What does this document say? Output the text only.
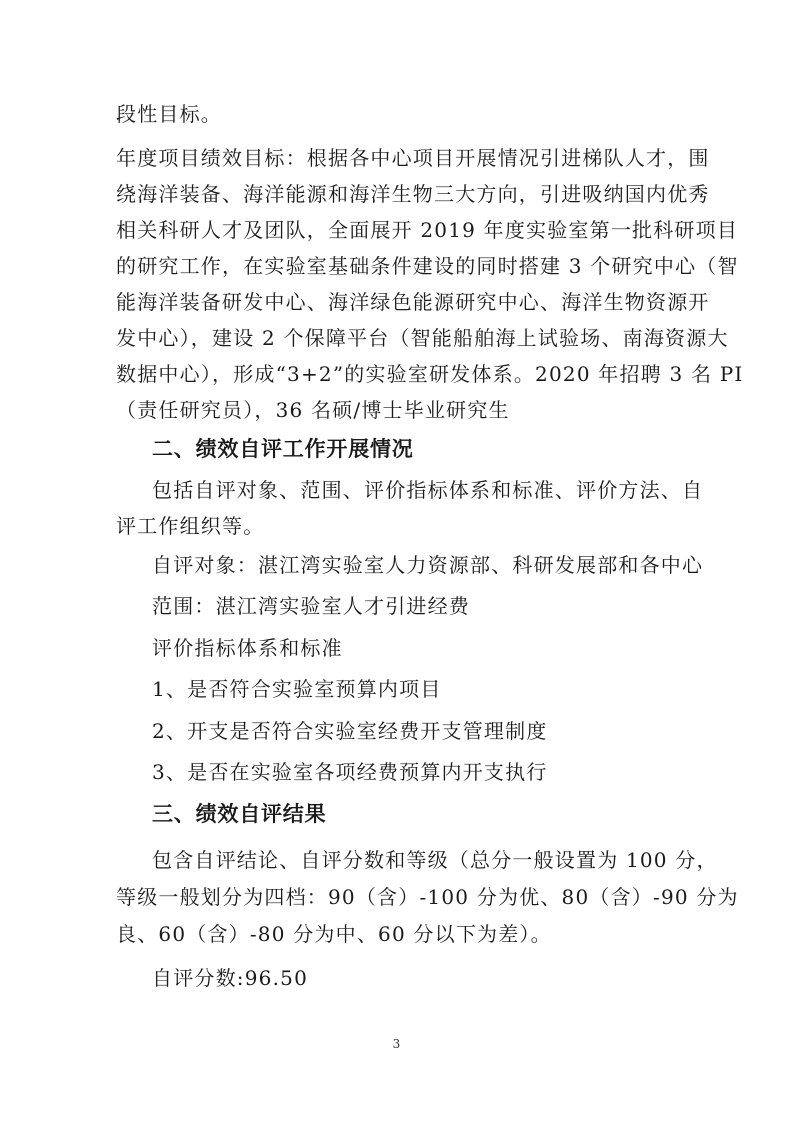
段性目标。
年度项目绩效目标：根据各中心项目开展情况引进梯队人才，围
绕海洋装备、海洋能源和海洋生物三大方向，引进吸纳国内优秀
相关科研人才及团队，全面展开 2019 年度实验室第一批科研项目
的研究工作，在实验室基础条件建设的同时搭建 3 个研究中心（智
能海洋装备研发中心、海洋绿色能源研究中心、海洋生物资源开
发中心），建设 2 个保障平台（智能船舶海上试验场、南海资源大
数据中心），形成“3+2”的实验室研发体系。2020 年招聘 3 名 PI
（责任研究员），36 名硕/博士毕业研究生
二、绩效自评工作开展情况
包括自评对象、范围、评价指标体系和标准、评价方法、自
评工作组织等。
自评对象：湛江湾实验室人力资源部、科研发展部和各中心
范围：湛江湾实验室人才引进经费
评价指标体系和标准
1、是否符合实验室预算内项目
2、开支是否符合实验室经费开支管理制度
3、是否在实验室各项经费预算内开支执行
三、绩效自评结果
包含自评结论、自评分数和等级（总分一般设置为 100 分，
等级一般划分为四档：90（含）-100 分为优、80（含）-90 分为
良、60（含）-80 分为中、60 分以下为差）。
自评分数:96.50
3
